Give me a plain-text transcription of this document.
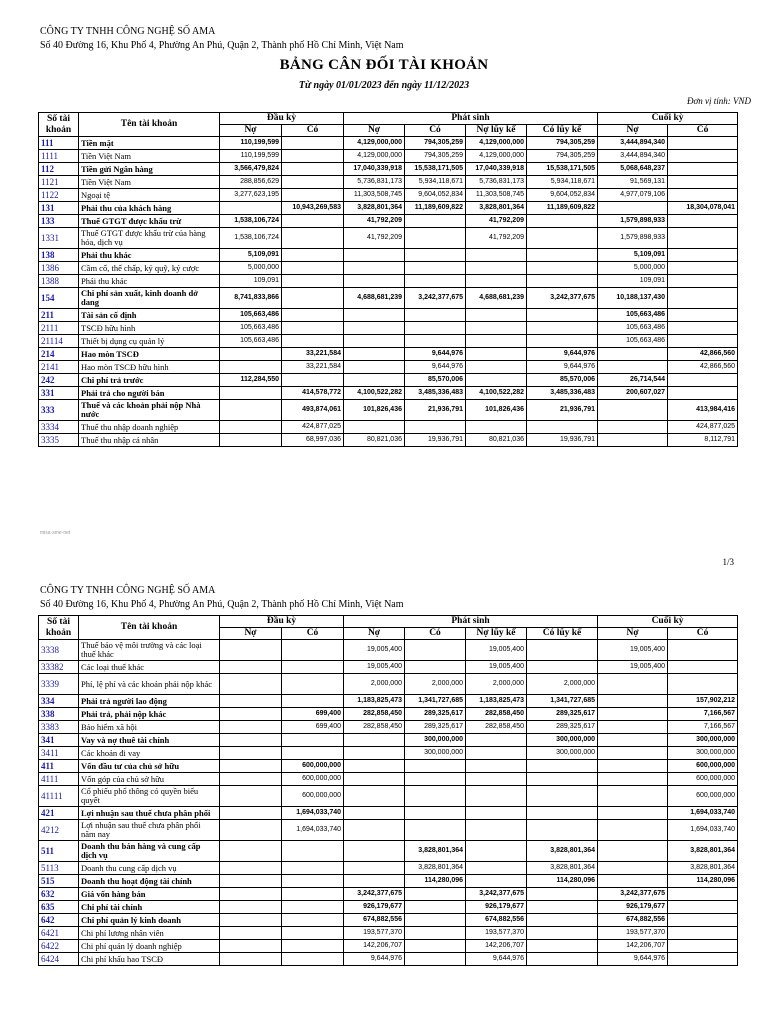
CÔNG TY TNHH CÔNG NGHỆ SỐ AMA
Số 40 Đường 16, Khu Phố 4, Phường An Phú, Quận 2, Thành phố Hồ Chí Minh, Việt Nam
BẢNG CÂN ĐỐI TÀI KHOẢN
Từ ngày 01/01/2023 đến ngày 11/12/2023
Đơn vị tính: VND
Số tài khoản	Tên tài khoản	Đầu kỳ		Phát sinh				Cuối kỳ	
		Nợ	Có	Nợ	Có	Nợ lũy kế	Có lũy kế	Nợ	Có
111	Tiền mặt	110,199,599		4,129,000,000	794,305,259	4,129,000,000	794,305,259	3,444,894,340	
1111	Tiền Việt Nam	110,199,599		4,129,000,000	794,305,259	4,129,000,000	794,305,259	3,444,894,340	
112	Tiền gửi Ngân hàng	3,566,479,824		17,040,339,918	15,538,171,505	17,040,339,918	15,538,171,505	5,068,648,237	
1121	Tiền Việt Nam	288,856,629		5,736,831,173	5,934,118,671	5,736,831,173	5,934,118,671	91,569,131	
1122	Ngoại tệ	3,277,623,195		11,303,508,745	9,604,052,834	11,303,508,745	9,604,052,834	4,977,079,106	
131	Phải thu của khách hàng		10,943,269,583	3,828,801,364	11,189,609,822	3,828,801,364	11,189,609,822		18,304,078,041
133	Thuế GTGT được khấu trừ	1,538,106,724		41,792,209		41,792,209		1,579,898,933	
1331	Thuế GTGT được khấu trừ của hàng hóa, dịch vụ	1,538,106,724		41,792,209		41,792,209		1,579,898,933	
138	Phải thu khác	5,109,091						5,109,091	
1386	Cầm cố, thế chấp, ký quỹ, ký cược	5,000,000						5,000,000	
1388	Phải thu khác	109,091						109,091	
154	Chi phí sản xuất, kinh doanh dở dang	8,741,833,866		4,688,681,239	3,242,377,675	4,688,681,239	3,242,377,675	10,188,137,430	
211	Tài sản cố định	105,663,486						105,663,486	
2111	TSCĐ hữu hình	105,663,486						105,663,486	
21114	Thiết bị dụng cụ quản lý	105,663,486						105,663,486	
214	Hao mòn TSCĐ		33,221,584		9,644,976		9,644,976		42,866,560
2141	Hao mòn TSCĐ hữu hình		33,221,584		9,644,976		9,644,976		42,866,560
242	Chi phí trả trước	112,284,550			85,570,006		85,570,006	26,714,544	
331	Phải trả cho người bán		414,578,772	4,100,522,282	3,485,336,483	4,100,522,282	3,485,336,483	200,607,027	
333	Thuế và các khoản phải nộp Nhà nước		493,874,061	101,826,436	21,936,791	101,826,436	21,936,791		413,984,416
3334	Thuế thu nhập doanh nghiệp		424,877,025						424,877,025
3335	Thuế thu nhập cá nhân		68,997,036	80,821,036	19,936,791	80,821,036	19,936,791		8,112,791
misa·sme·net
1/3
CÔNG TY TNHH CÔNG NGHỆ SỐ AMA
Số 40 Đường 16, Khu Phố 4, Phường An Phú, Quận 2, Thành phố Hồ Chí Minh, Việt Nam
Số tài khoản	Tên tài khoản	Đầu kỳ		Phát sinh				Cuối kỳ	
		Nợ	Có	Nợ	Có	Nợ lũy kế	Có lũy kế	Nợ	Có
3338	Thuế bảo vệ môi trường và các loại thuế khác			19,005,400		19,005,400		19,005,400	
33382	Các loại thuế khác			19,005,400		19,005,400		19,005,400	
3339	Phí, lệ phí và các khoản phải nộp khác			2,000,000	2,000,000	2,000,000	2,000,000		
334	Phải trả người lao động			1,183,825,473	1,341,727,685	1,183,825,473	1,341,727,685		157,902,212
338	Phải trả, phải nộp khác		699,400	282,858,450	289,325,617	282,858,450	289,325,617		7,166,567
3383	Bảo hiểm xã hội		699,400	282,858,450	289,325,617	282,858,450	289,325,617		7,166,567
341	Vay và nợ thuê tài chính				300,000,000		300,000,000		300,000,000
3411	Các khoản đi vay				300,000,000		300,000,000		300,000,000
411	Vốn đầu tư của chủ sở hữu		600,000,000						600,000,000
4111	Vốn góp của chủ sở hữu		600,000,000						600,000,000
41111	Cổ phiếu phổ thông có quyền biểu quyết		600,000,000						600,000,000
421	Lợi nhuận sau thuế chưa phân phối		1,694,033,740						1,694,033,740
4212	Lợi nhuận sau thuế chưa phân phối năm nay		1,694,033,740						1,694,033,740
511	Doanh thu bán hàng và cung cấp dịch vụ				3,828,801,364		3,828,801,364		3,828,801,364
5113	Doanh thu cung cấp dịch vụ				3,828,801,364		3,828,801,364		3,828,801,364
515	Doanh thu hoạt động tài chính				114,280,096		114,280,096		114,280,096
632	Giá vốn hàng bán			3,242,377,675		3,242,377,675		3,242,377,675	
635	Chi phí tài chính			926,179,677		926,179,677		926,179,677	
642	Chi phí quản lý kinh doanh			674,882,556		674,882,556		674,882,556	
6421	Chi phí lương nhân viên			193,577,370		193,577,370		193,577,370	
6422	Chi phí quản lý doanh nghiệp			142,206,707		142,206,707		142,206,707	
6424	Chi phí khấu hao TSCĐ			9,644,976		9,644,976		9,644,976	
